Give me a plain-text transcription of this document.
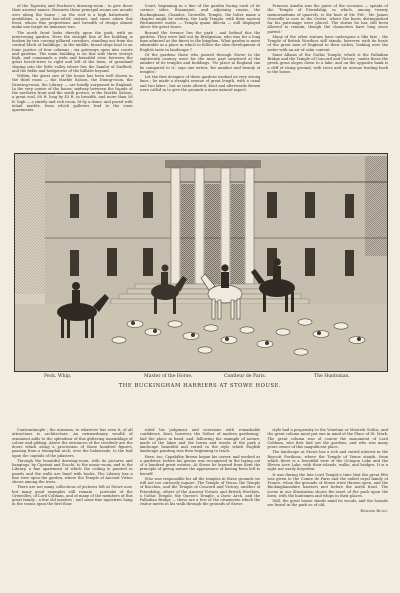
of the Tapestry and Duchess's drawing-room : to give there their ancient names. Bossuets these principal rooms are arcade over along the house ; on the roof is a high balustrade ; medallions, a great bas-relief, statues, and vases adorn this front, whose fine proportions and breadth of design almost make one forget its immense size.

The north front looks directly upon the park, with an intervening garden. Here the straight line of the building is broken by two curving pillared corridors, standing out from the central block of buildings ; in the middle, broad steps lead to an Ionic portico of four columns ; six gateways open into courts and gardens. The main building is on this side three storeys high, and commands a wide and beautiful view, between the great beech-trees to right and left of the lawn, of grassland sloping into the little valley where lies the hamlet of Dadford, and the fields and hedgerows of the hillside beyond.

Within, the great size of the house has been well shown in the third room — the Marble Saloon, the Dining-room, the Drawing-room, the Library — are hardly surpassed in England. In the very centre of the house, midway between the façade of the northern front and the south portico, is the Marble Saloon, a great oval, 60 ft. long by 43 ft. in breadth, and more than 56 ft. high — a stately and rich room, lit by a dome, and paved with inlaid marble, from which galleries lead to the state apartments.

Court, beginning in a line of the garden facing each of its cornice sides, Bosanquet, and adjoining rooms, the Buckinghams, Chandos, Grenville, Temple, the latter name a chapter might be written, the Lady Temple, with their ancient Westminster motto — Templa quam dilecta — still displayed above the great doors.

Beyond the terrace lies the park ; and behind this the gardens. They were laid out by Bridgeman, who was for a long time admired as the finest in the kingdom. What garden is more admirable as a place in which to follow the slow development of English taste in landscape ?

Of the gardens those who passed through Stowe in the eighteenth century were for the most part surprised at the number of its temples and buildings. 'No place in England can be compared to it,' says one writer, 'for number and beauty of temples.'

Let the first designer of these gardens worked on very strong lines ; he made a straight avenue of great length, with a canal and two lakes ; but as taste altered, Kent and afterwards Brown were called in to give the grounds a more natural aspect.

Princess Amelia was the guest of the occasion — speaks of the 'Temple of Friendship, in which, among twenty memorandums of quarrels, is the bust of Mr. Pitt ; Mr. James Grenville is now in the Grotto, where the busts distinguished for his patronage were placed. The shrine he has still been allowed to remain, though the characters have long since parted.'

Many of the other statues have undergone a like fate ; the Temple of British Worthies still stands, however, with its busts of the great men of England in their niches, looking over the water with an air of calm content.

Saint Albans of the Gothic Temple, which is the Palladian Bridge and the Temple of Concord and Victory ; under these the green grass slopes down to a lake, and on the opposite bank is a cliff of rising ground, with trees and an avenue leading back to the house.

Peck. Whip.	Master of the Horse.	Cantleur de Paris.	The Huntsman.
THE BUCKINGHAM HARRIERS AT STOWE HOUSE.

Constantinople ; the museum, to whatever has seen it, of all attractions to architecture. An extraordinary wealth of ornament adds to the splendour of this glittering assemblage of colour and gilding. Above the entrances of the vestibule are the doors which along a procession of those hundred figures, passing from a triumphal arch, over the balustrade, to the leaf upon the capitals of the pilasters.

Through the beautiful drawing-room, with its pictures and hangings, by Cipriani and Zucchi, to the music-room, and to the Library, a fine apartment of which the ceiling is painted in panels and the walls are lined with books. The Library has a fine view upon the garden, where the Temple of Ancient Virtue shows among the trees.

There are not many collections of pictures left at Stowe now, but many good examples still remain : portraits of the Grenvilles, of Lord Cobham, and of many of the members of this great family ; a few old masters ; and some fine tapestries hang in the rooms upon the first floor.

ruled his judgment and aversions with remarkable confidence. Kent, however, the 'father of modern gardening,' had the place in hand, and, following the example of nature, made of the lakes and the lawns and woods of the park a landscape beautiful and varied in the style which English landscape painting was then beginning to teach.

Here, too, Capability Brown began his career, and worked as a gardener, before his genius was recognised in the laying out of a hundred great estates. At Stowe he learned from Kent the principle of giving nature the appearance of having been left to herself.

Who was responsible for all the temples in these grounds we will not too curiously inquire. The Temple of Venus, the Temple of Bacchus, and the Temple of Concord and Victory, another of Friendship, others of the Ancient Virtues and British Worthies, a Gothic Temple, the Queen's Temple, a Doric Arch, and the Palladian Bridge — these are a few of the ornaments which the visitor meets in his walk through the grounds of Stowe.

style had a propensity to the Venetian or Moorish Gothic, and the great column must put one in mind of the Place of St. Mark. The great column was of course the monument of Lord Cobham, who first laid out the gardens, and who was many years owner of this magnificent place.

The landscape at Stowe has a rich and varied interest in the Boycott Pavilions, where the Temple of Venus stands, from which there is a beautiful view of the Octagon Lake and the Eleven Acre Lake, with their islands, walks, and bridges. It is a sight not easily forgotten.

It was during the late Lord Temple's time that the great fête was given to the Comte de Paris and the exiled royal family of France, when the grounds of Stowe were thrown open, and the Buckinghamshire harriers met before the north front. The scene in our illustration shows the meet of the pack upon the lawn, with the huntsmen and whips in their places.

Still, the great house stands amid its woods, and the hounds are heard in the park as of old.

Edward Bunn.
